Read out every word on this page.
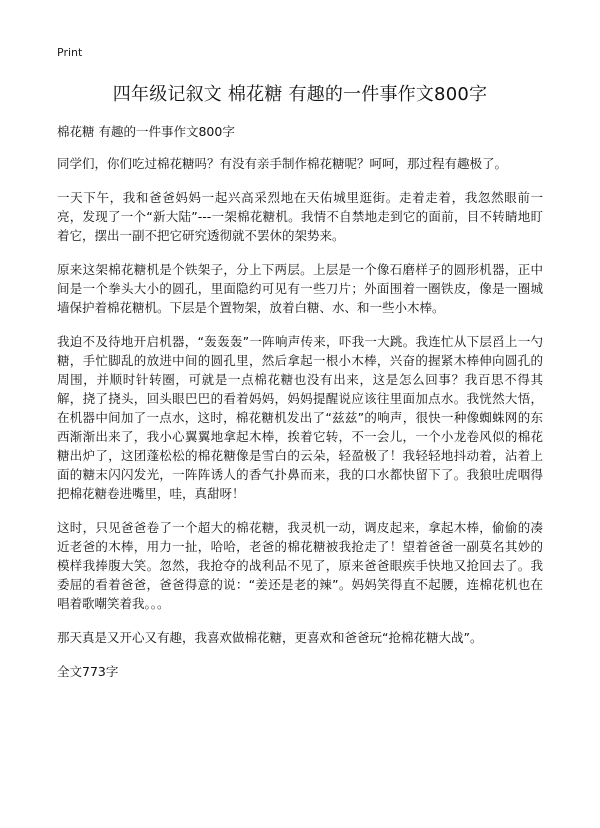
Print
四年级记叙文 棉花糖 有趣的一件事作文800字
棉花糖 有趣的一件事作文800字

同学们，你们吃过棉花糖吗？有没有亲手制作棉花糖呢？呵呵，那过程有趣极了。

一天下午，我和爸爸妈妈一起兴高采烈地在天佑城里逛街。走着走着，我忽然眼前一亮，发现了一个“新大陆”---一架棉花糖机。我情不自禁地走到它的面前，目不转睛地盯着它，摆出一副不把它研究透彻就不罢休的架势来。

原来这架棉花糖机是个铁架子，分上下两层。上层是一个像石磨样子的圆形机器，正中间是一个拳头大小的圆孔，里面隐约可见有一些刀片；外面围着一圈铁皮，像是一圈城墙保护着棉花糖机。下层是个置物架，放着白糖、水、和一些小木棒。

我迫不及待地开启机器，“轰轰轰”一阵响声传来，吓我一大跳。我连忙从下层舀上一勺糖，手忙脚乱的放进中间的圆孔里，然后拿起一根小木棒，兴奋的握紧木棒伸向圆孔的周围，并顺时针转圈，可就是一点棉花糖也没有出来，这是怎么回事？我百思不得其解，挠了挠头，回头眼巴巴的看着妈妈，妈妈提醒说应该往里面加点水。我恍然大悟，在机器中间加了一点水，这时，棉花糖机发出了“兹兹”的响声，很快一种像蜘蛛网的东西渐渐出来了，我小心翼翼地拿起木棒，挨着它转，不一会儿，一个小龙卷风似的棉花糖出炉了，这团蓬松松的棉花糖像是雪白的云朵，轻盈极了！我轻轻地抖动着，沾着上面的糖末闪闪发光，一阵阵诱人的香气扑鼻而来，我的口水都快留下了。我狼吐虎咽得把棉花糖卷进嘴里，哇，真甜呀！

这时，只见爸爸卷了一个超大的棉花糖，我灵机一动，调皮起来，拿起木棒，偷偷的凑近老爸的木棒，用力一扯，哈哈，老爸的棉花糖被我抢走了！望着爸爸一副莫名其妙的模样我捧腹大笑。忽然，我抢夺的战利品不见了，原来爸爸眼疾手快地又抢回去了。我委屈的看着爸爸，爸爸得意的说：“姜还是老的辣”。妈妈笑得直不起腰，连棉花机也在唱着歌嘲笑着我。。。

那天真是又开心又有趣，我喜欢做棉花糖，更喜欢和爸爸玩“抢棉花糖大战”。

全文773字
